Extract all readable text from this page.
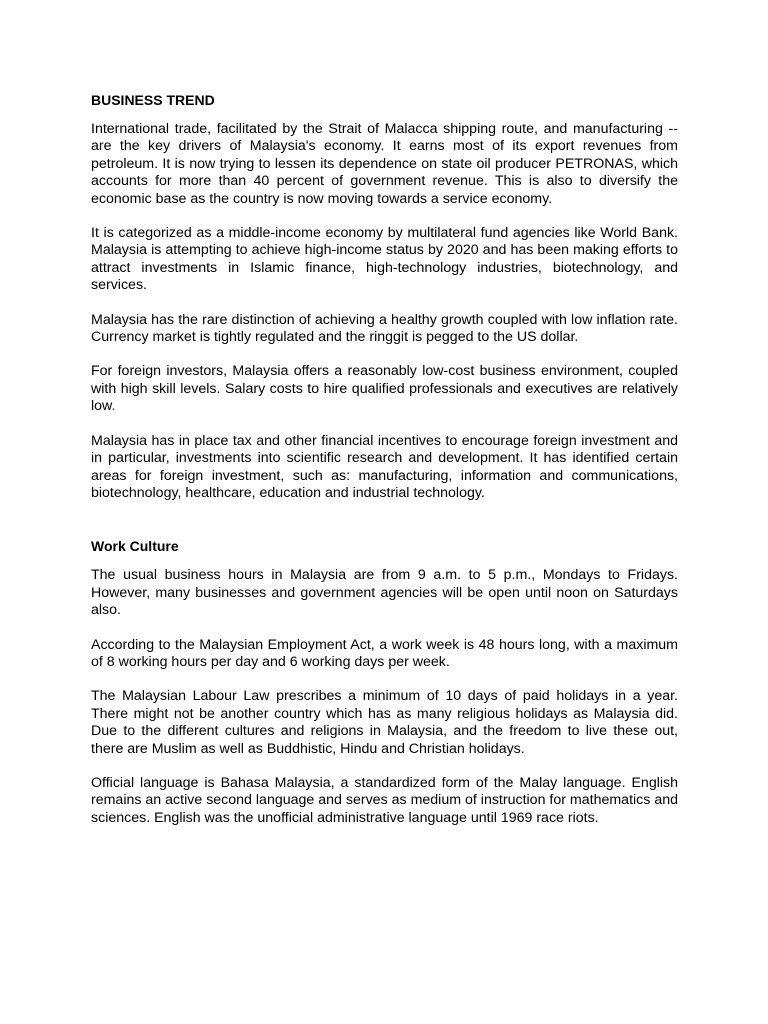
BUSINESS TREND

International trade, facilitated by the Strait of Malacca shipping route, and manufacturing -- are the key drivers of Malaysia's economy. It earns most of its export revenues from petroleum. It is now trying to lessen its dependence on state oil producer PETRONAS, which accounts for more than 40 percent of government revenue. This is also to diversify the economic base as the country is now moving towards a service economy.

It is categorized as a middle-income economy by multilateral fund agencies like World Bank. Malaysia is attempting to achieve high-income status by 2020 and has been making efforts to attract investments in Islamic finance, high-technology industries, biotechnology, and services.

Malaysia has the rare distinction of achieving a healthy growth coupled with low inflation rate. Currency market is tightly regulated and the ringgit is pegged to the US dollar.

For foreign investors, Malaysia offers a reasonably low-cost business environment, coupled with high skill levels. Salary costs to hire qualified professionals and executives are relatively low.

Malaysia has in place tax and other financial incentives to encourage foreign investment and in particular, investments into scientific research and development. It has identified certain areas for foreign investment, such as: manufacturing, information and communications, biotechnology, healthcare, education and industrial technology.

Work Culture

The usual business hours in Malaysia are from 9 a.m. to 5 p.m., Mondays to Fridays. However, many businesses and government agencies will be open until noon on Saturdays also.

According to the Malaysian Employment Act, a work week is 48 hours long, with a maximum of 8 working hours per day and 6 working days per week.

The Malaysian Labour Law prescribes a minimum of 10 days of paid holidays in a year. There might not be another country which has as many religious holidays as Malaysia did. Due to the different cultures and religions in Malaysia, and the freedom to live these out, there are Muslim as well as Buddhistic, Hindu and Christian holidays.

Official language is Bahasa Malaysia, a standardized form of the Malay language. English remains an active second language and serves as medium of instruction for mathematics and sciences. English was the unofficial administrative language until 1969 race riots.
